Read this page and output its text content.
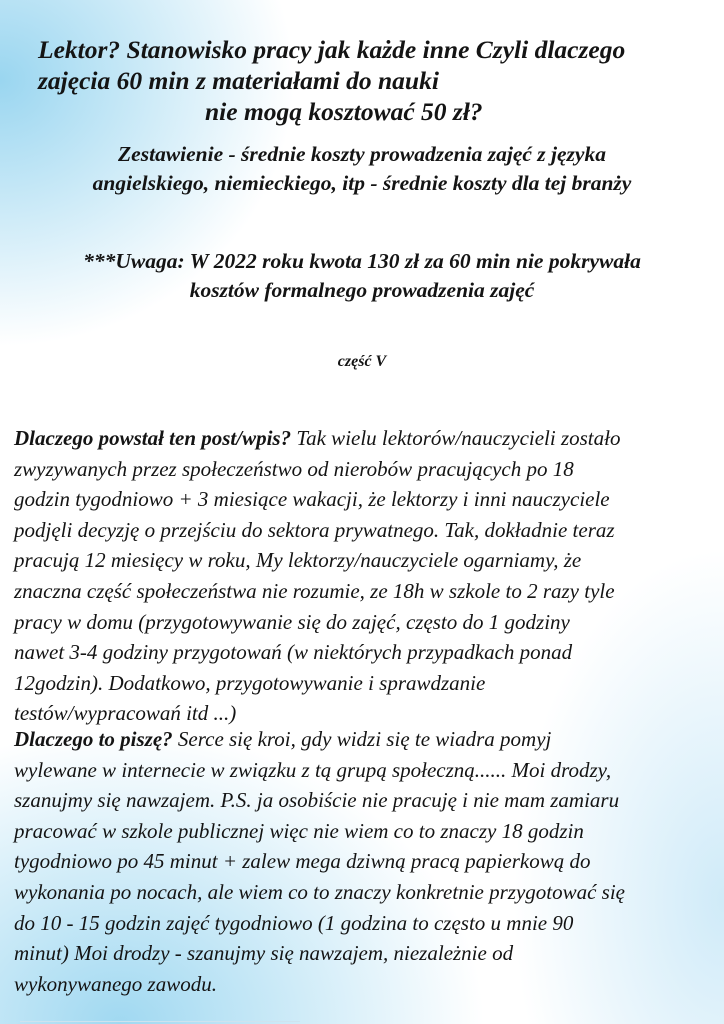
Lektor? Stanowisko pracy jak każde inne Czyli dlaczego
zajęcia 60 min z materiałami do nauki
nie mogą kosztować 50 zł?
Zestawienie - średnie koszty prowadzenia zajęć z języka
angielskiego, niemieckiego, itp - średnie koszty dla tej branży
***Uwaga: W 2022 roku kwota 130 zł za 60 min nie pokrywała
kosztów formalnego prowadzenia zajęć
część V
Dlaczego powstał ten post/wpis? Tak wielu lektorów/nauczycieli zostało
zwyzywanych przez społeczeństwo od nierobów pracujących po 18
godzin tygodniowo + 3 miesiące wakacji, że lektorzy i inni nauczyciele
podjęli decyzję o przejściu do sektora prywatnego. Tak, dokładnie teraz
pracują 12 miesięcy w roku, My lektorzy/nauczyciele ogarniamy, że
znaczna część społeczeństwa nie rozumie, ze 18h w szkole to 2 razy tyle
pracy w domu (przygotowywanie się do zajęć, często do 1 godziny
nawet 3-4 godziny przygotowań (w niektórych przypadkach ponad
12godzin). Dodatkowo, przygotowywanie i sprawdzanie
testów/wypracowań itd ...)
Dlaczego to piszę? Serce się kroi, gdy widzi się te wiadra pomyj
wylewane w internecie w związku z tą grupą społeczną...... Moi drodzy,
szanujmy się nawzajem. P.S. ja osobiście nie pracuję i nie mam zamiaru
pracować w szkole publicznej więc nie wiem co to znaczy 18 godzin
tygodniowo po 45 minut + zalew mega dziwną pracą papierkową do
wykonania po nocach, ale wiem co to znaczy konkretnie przygotować się
do 10 - 15 godzin zajęć tygodniowo (1 godzina to często u mnie 90
minut) Moi drodzy - szanujmy się nawzajem, niezależnie od
wykonywanego zawodu.
